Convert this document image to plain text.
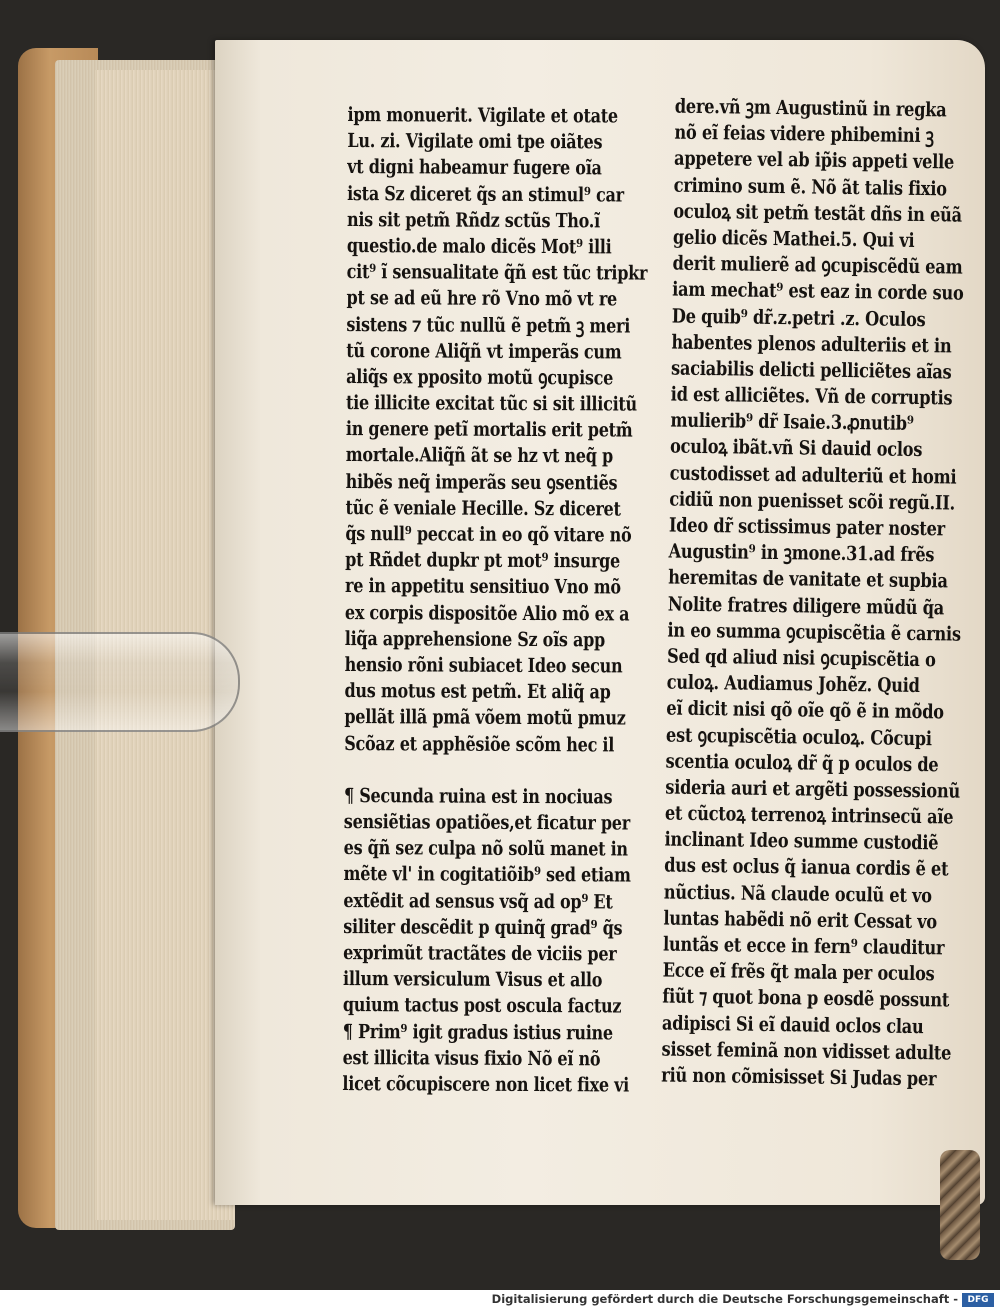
ipm monuerit. Vigilate et otate
Lu. zi. Vigilate omi tpe oiãtes
vt digni habeamur fugere oĩa
ista Sz diceret q̃s an stimul⁹ car
nis sit petm̃ Rñdz sctũs Tho.ĩ
questio.de malo dicẽs Mot⁹ illi
cit⁹ ĩ sensualitate q̃ñ est tũc tripkr
pt se ad eũ hre rõ Vno mõ vt re
sistens ⁊ tũc nullũ ẽ petm̃ ꝫ meri
tũ corone Aliq̃ñ vt imperãs cum
aliq̃s ex pposito motũ ꝯcupisce
tie illicite excitat tũc si sit illicitũ
in genere petĩ mortalis erit petm̃
mortale.Aliq̃ñ ãt se hz vt neq̃ p
hibẽs neq̃ imperãs seu ꝯsentiẽs
tũc ẽ veniale Hecille. Sz diceret
q̃s null⁹ peccat in eo qõ vitare nõ
pt Rñdet dupkr pt mot⁹ insurge
re in appetitu sensitiuo Vno mõ
ex corpis dispositõe Alio mõ ex a
liq̃a apprehensione Sz oĩs app
hensio rõni subiacet Ideo secun
dus motus est petm̃. Et aliq̃ ap
pellãt illã pmã võem motũ pmuz
Scõaz et apphẽsiõe scõm hec il
¶ Secunda ruina est in nociuas
sensiẽtias opatiões,et ficatur per
es q̃ñ sez culpa nõ solũ manet in
mẽte vl' in cogitatiõib⁹ sed etiam
extẽdit ad sensus vsq̃ ad op⁹ Et
siliter descẽdit p quinq̃ grad⁹ q̃s
exprimũt tractãtes de viciis per
illum versiculum Visus et allo
quium tactus post oscula factuz
¶ Prim⁹ igit gradus istius ruine
est illicita visus fixio Nõ eĩ nõ
licet cõcupiscere non licet fixe vi
dere.vñ ꝫm Augustinũ in regka
nõ eĩ feias videre phibemini ꝫ
appetere vel ab ip̃is appeti velle
crimino sum ẽ. Nõ ãt talis fixio
oculoꝝ sit petm̃ testãt dñs in eũã
gelio dicẽs Mathei.5. Qui vi
derit mulierẽ ad ꝯcupiscẽdũ eam
iam mechat⁹ est eaz in corde suo
De quib⁹ dr̃.z.petri .z. Oculos
habentes plenos adulteriis et in
saciabilis delicti pelliciẽtes aĩas
id est alliciẽtes. Vñ de corruptis
mulierib⁹ dr̃ Isaie.3.ꝓnutib⁹
oculoꝝ ibãt.vñ Si dauid oclos
custodisset ad adulteriũ et homi
cidiũ non puenisset scõi regũ.II.
Ideo dr̃ sctissimus pater noster
Augustin⁹ in ꝫmone.31.ad frẽs
heremitas de vanitate et supbia
Nolite fratres diligere mũdũ q̃a
in eo summa ꝯcupiscẽtia ẽ carnis
Sed qd aliud nisi ꝯcupiscẽtia o
culoꝝ. Audiamus Johẽz. Quid
eĩ dicit nisi qõ oĩe qõ ẽ in mõdo
est ꝯcupiscẽtia oculoꝝ. Cõcupi
scentia oculoꝝ dr̃ q̃ p oculos de
sideria auri et argẽti possessionũ
et cũctoꝝ terrenoꝝ intrinsecũ aĩe
inclinant Ideo summe custodiẽ
dus est oclus q̃ ianua cordis ẽ et
nũctius. Nã claude oculũ et vo
luntas habẽdi nõ erit Cessat vo
luntãs et ecce in fern⁹ clauditur
Ecce eĩ frẽs q̃t mala per oculos
fiũt ⁊ quot bona p eosdẽ possunt
adipisci Si eĩ dauid oclos clau
sisset feminã non vidisset adulte
riũ non cõmisisset Si Judas per
Digitalisierung gefördert durch die Deutsche Forschungsgemeinschaft -	DFG
